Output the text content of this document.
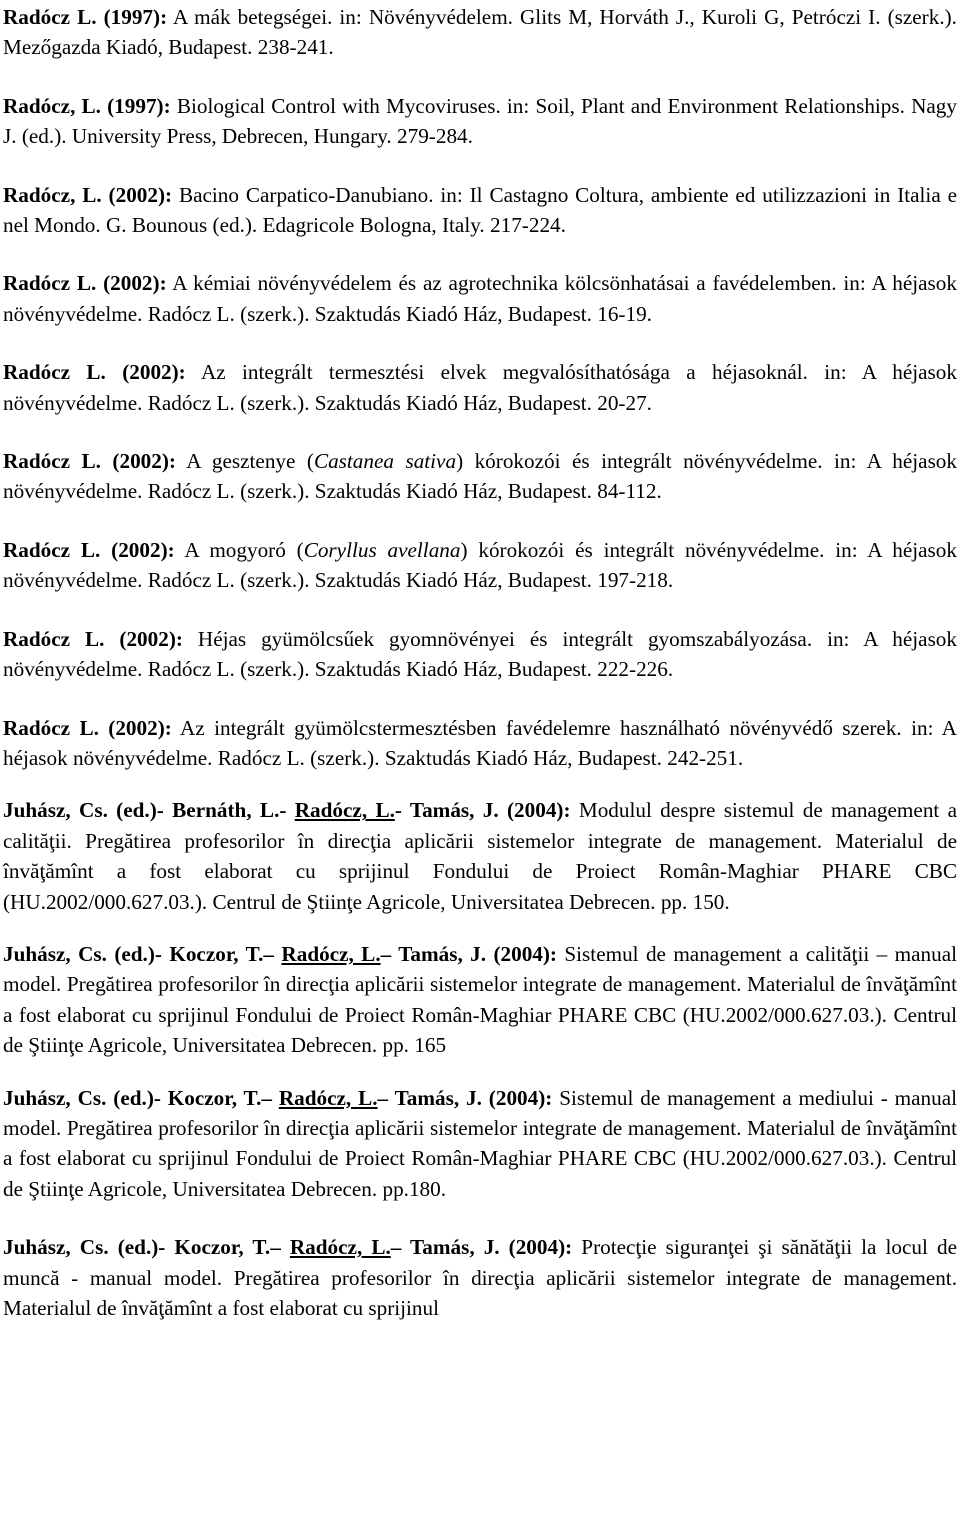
Radócz L. (1997): A mák betegségei. in: Növényvédelem. Glits M, Horváth J., Kuroli G, Petróczi I. (szerk.). Mezőgazda Kiadó, Budapest. 238-241.

Radócz, L. (1997): Biological Control with Mycoviruses. in: Soil, Plant and Environment Relationships. Nagy J. (ed.). University Press, Debrecen, Hungary. 279-284.

Radócz, L. (2002): Bacino Carpatico-Danubiano. in: Il Castagno Coltura, ambiente ed utilizzazioni in Italia e nel Mondo. G. Bounous (ed.). Edagricole Bologna, Italy. 217-224.

Radócz L. (2002): A kémiai növényvédelem és az agrotechnika kölcsönhatásai a favédelemben. in: A héjasok növényvédelme. Radócz L. (szerk.). Szaktudás Kiadó Ház, Budapest. 16-19.

Radócz L. (2002): Az integrált termesztési elvek megvalósíthatósága a héjasoknál. in: A héjasok növényvédelme. Radócz L. (szerk.). Szaktudás Kiadó Ház, Budapest. 20-27.

Radócz L. (2002): A gesztenye (Castanea sativa) kórokozói és integrált növényvédelme. in: A héjasok növényvédelme. Radócz L. (szerk.). Szaktudás Kiadó Ház, Budapest. 84-112.

Radócz L. (2002): A mogyoró (Coryllus avellana) kórokozói és integrált növényvédelme. in: A héjasok növényvédelme. Radócz L. (szerk.). Szaktudás Kiadó Ház, Budapest. 197-218.

Radócz L. (2002): Héjas gyümölcsűek gyomnövényei és integrált gyomszabályozása. in: A héjasok növényvédelme. Radócz L. (szerk.). Szaktudás Kiadó Ház, Budapest. 222-226.

Radócz L. (2002): Az integrált gyümölcstermesztésben favédelemre használható növényvédő szerek. in: A héjasok növényvédelme. Radócz L. (szerk.). Szaktudás Kiadó Ház, Budapest. 242-251.

Juhász, Cs. (ed.)- Bernáth, L.- Radócz, L.- Tamás, J. (2004): Modulul despre sistemul de management a calităţii. Pregătirea profesorilor în direcţia aplicării sistemelor integrate de management. Materialul de învăţămînt a fost elaborat cu sprijinul Fondului de Proiect Român-Maghiar PHARE CBC (HU.2002/000.627.03.). Centrul de Ştiinţe Agricole, Universitatea Debrecen. pp. 150.

Juhász, Cs. (ed.)- Koczor, T.– Radócz, L.– Tamás, J. (2004): Sistemul de management a calităţii – manual model. Pregătirea profesorilor în direcţia aplicării sistemelor integrate de management. Materialul de învăţămînt a fost elaborat cu sprijinul Fondului de Proiect Român-Maghiar PHARE CBC (HU.2002/000.627.03.). Centrul de Ştiinţe Agricole, Universitatea Debrecen. pp. 165

Juhász, Cs. (ed.)- Koczor, T.– Radócz, L.– Tamás, J. (2004): Sistemul de management a mediului - manual model. Pregătirea profesorilor în direcţia aplicării sistemelor integrate de management. Materialul de învăţămînt a fost elaborat cu sprijinul Fondului de Proiect Român-Maghiar PHARE CBC (HU.2002/000.627.03.). Centrul de Ştiinţe Agricole, Universitatea Debrecen. pp.180.

Juhász, Cs. (ed.)- Koczor, T.– Radócz, L.– Tamás, J. (2004): Protecţie siguranţei şi sănătăţii la locul de muncă - manual model. Pregătirea profesorilor în direcţia aplicării sistemelor integrate de management. Materialul de învăţămînt a fost elaborat cu sprijinul
